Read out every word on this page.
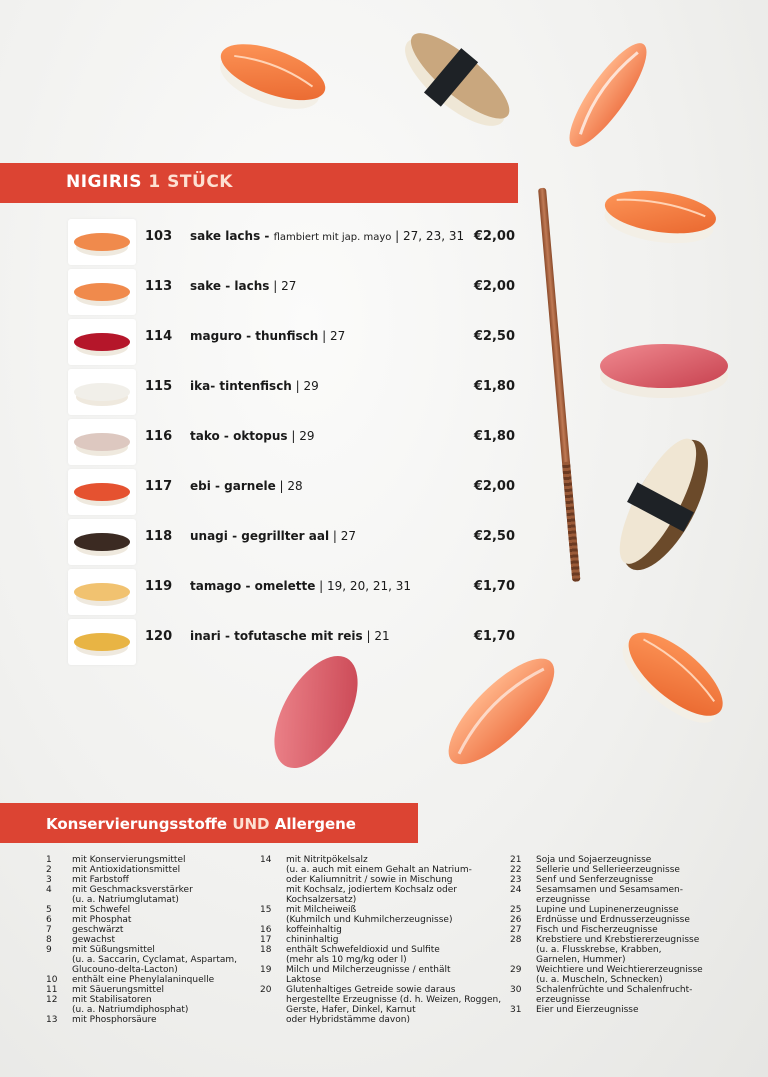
NIGIRIS 1 STÜCK
103 sake lachs - flambiert mit jap. mayo | 27, 23, 31 €2,00
113 sake - lachs | 27	€2,00
114 maguro - thunfisch | 27	€2,50
115 ika- tintenfisch | 29	€1,80
116 tako - oktopus | 29	€1,80
117 ebi - garnele | 28	€2,00
118 unagi - gegrillter aal | 27	€2,50
119 tamago - omelette | 19, 20, 21, 31	€1,70
120 inari - tofutasche mit reis | 21	€1,70
Konservierungsstoffe UND Allergene
1 mit Konservierungsmittel
2 mit Antioxidationsmittel
3 mit Farbstoff
4 mit Geschmacksverstärker
(u. a. Natriumglutamat)
5 mit Schwefel
6 mit Phosphat
7 geschwärzt
8 gewachst
9 mit Süßungsmittel
(u. a. Saccarin, Cyclamat, Aspartam,
Glucouno-delta-Lacton)
10 enthält eine Phenylalaninquelle
11 mit Säuerungsmittel
12 mit Stabilisatoren
(u. a. Natriumdiphosphat)
13 mit Phosphorsäure
14 mit Nitritpökelsalz
(u. a. auch mit einem Gehalt an Natrium-
oder Kaliumnitrit / sowie in Mischung
mit Kochsalz, jodiertem Kochsalz oder
Kochsalzersatz)
15 mit Milcheiweiß
(Kuhmilch und Kuhmilcherzeugnisse)
16 koffeinhaltig
17 chininhaltig
18 enthält Schwefeldioxid und Sulfite
(mehr als 10 mg/kg oder l)
19 Milch und Milcherzeugnisse / enthält
Laktose
20 Glutenhaltiges Getreide sowie daraus
hergestellte Erzeugnisse (d. h. Weizen, Roggen,
Gerste, Hafer, Dinkel, Karnut
oder Hybridstämme davon)
21 Soja und Sojaerzeugnisse
22 Sellerie und Sellerieerzeugnisse
23 Senf und Senferzeugnisse
24 Sesamsamen und Sesamsamen-
erzeugnisse
25 Lupine und Lupinenerzeugnisse
26 Erdnüsse und Erdnusserzeugnisse
27 Fisch und Fischerzeugnisse
28 Krebstiere und Krebstiererzeugnisse
(u. a. Flusskrebse, Krabben,
Garnelen, Hummer)
29 Weichtiere und Weichtiererzeugnisse
(u. a. Muscheln, Schnecken)
30 Schalenfrüchte und Schalenfrucht-
erzeugnisse
31 Eier und Eierzeugnisse
